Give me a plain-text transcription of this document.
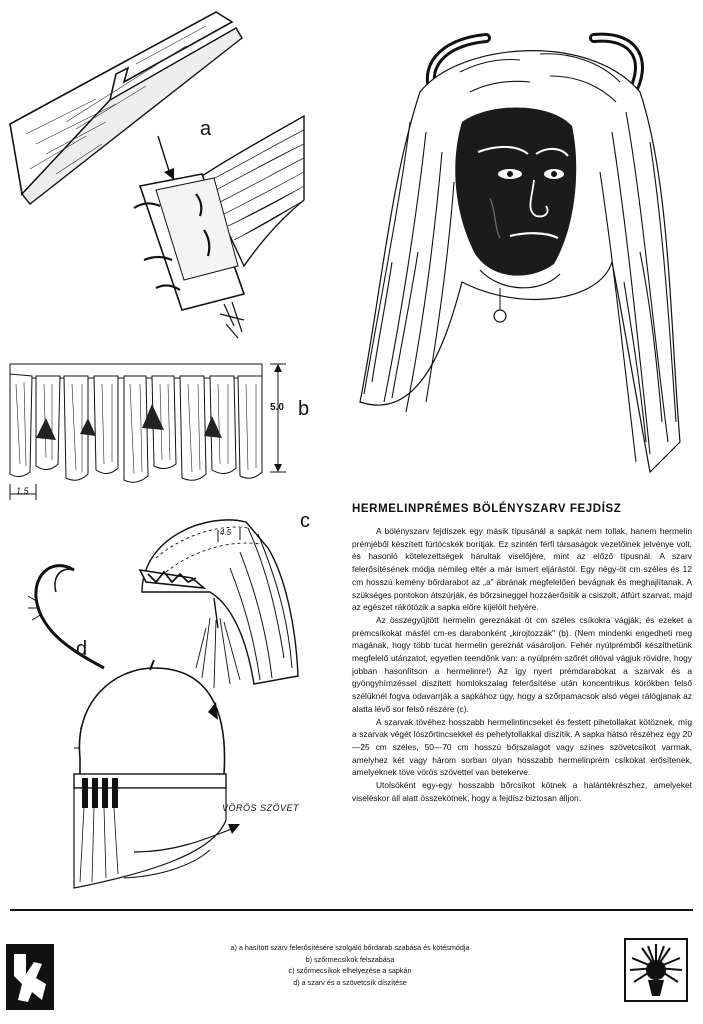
a
5.0 b
1.5
c
4.5
d
VÖRÖS SZÖVET
HERMELINPRÉMES BÖLÉNYSZARV FEJDÍSZ

A bölényszarv fejdíszek egy másik típusánál a sapkát nem tollak, hanem hermelin prémjéből készített fürtöcskék borítják. Ez szintén férfi társaságok vezetőinek jelvénye volt, és hasonló kötelezettségek hárultak viselőjére, mint az előző típusnál. A szarv felerősítésének módja némileg eltér a már ismert eljárástól. Egy négy-öt cm széles és 12 cm hosszú kemény bőrdarabot az „a" ábrának megfelelően bevágnak és meghajlítanak. A szükséges pontokon átszúrják, és bőrzsineggel hozzáerősítik a csiszolt, átfúrt szarvat, majd az egészet rákötözik a sapka előre kijelölt helyére.

Az összegyűjtött hermelin gereznákat öt cm széles csíkokra vágják, és ezeket a prémcsíkokat másfél cm-es darabonként „kirojtozzák" (b). (Nem mindenki engedheti meg magának, hogy több tucat hermelin gereznát vásároljon. Fehér nyúlprémből készíthetünk megfelelő utánzatot, egyetlen teendőnk van: a nyúlprém szőrét ollóval vágjuk rövidre, hogy jobban hasonlítson a hermelinre!) Az így nyert prémdarabokat a szarvak és a gyöngyhímzéssel díszített homlokszalag felerősítése után koncentrikus körökben felső szélüknél fogva odavarrják a sapkához úgy, hogy a szőrpamacsok alsó végei rálógjanak az alatta lévő sor felső részére (c).

A szarvak tövéhez hosszabb hermelintincseket és festett pihetollakat kötöznek, míg a szarvak végét lószőrtincsekkel és pehelytollakkal díszítik. A sapka hátsó részéhez egy 20—25 cm széles, 50—70 cm hosszú bőrszalagot vagy színes szövetcsíkot varrnak, amelyhez két vagy három sorban olyan hosszabb hermelinprém csíkokat erősítenek, amelyeknek töve vörös szövettel van betekerve.

Utolsóként egy-egy hosszabb bőrcsíkot kötnek a halántékrészhez, amelyeket viseléskor áll alatt összekötnek, hogy a fejdísz biztosan álljon.

a) a hasított szarv felerősítésére szolgáló bőrdarab szabása és kötésmódja
b) szőrmecsíkok felszabása
c) szőrmecsíkok elhelyezése a sapkán
d) a szarv és a szövetcsík díszítése
